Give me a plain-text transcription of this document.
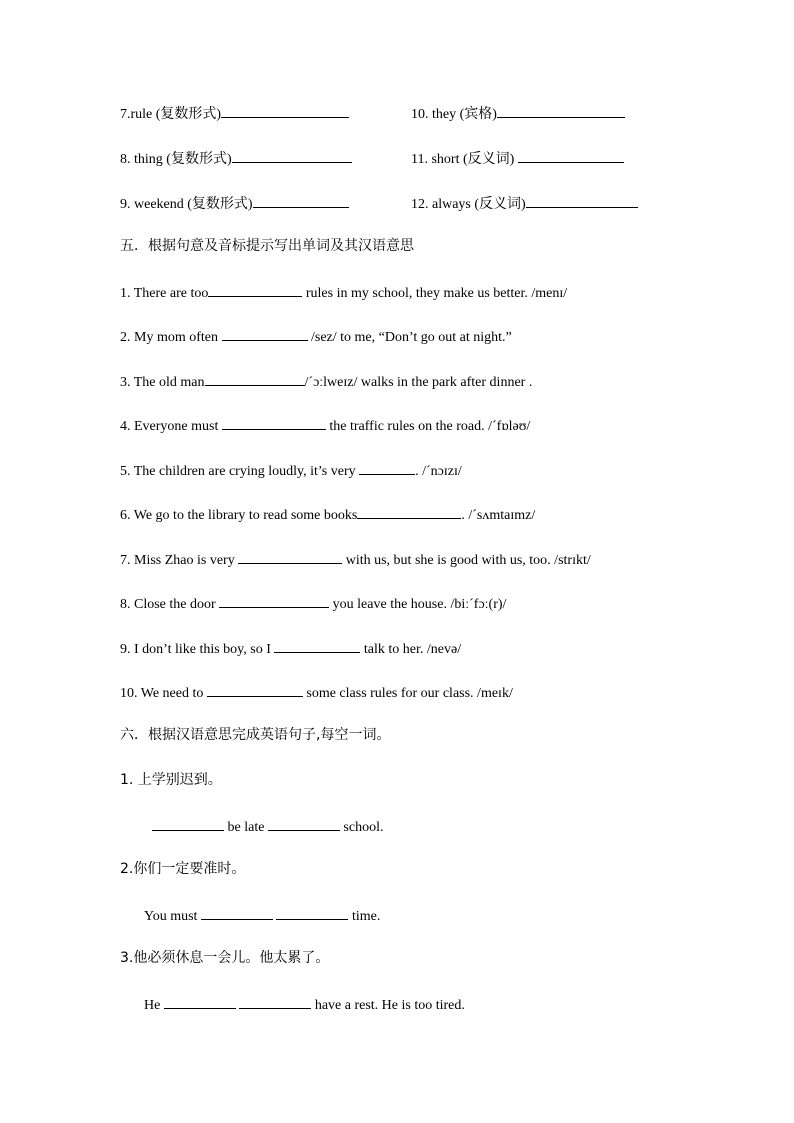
7.rule (复数形式)	10. they (宾格)
8. thing (复数形式)	11. short (反义词)
9. weekend (复数形式)	12. always (反义词)
五．根据句意及音标提示写出单词及其汉语意思
1. There are too	rules in my school, they make us better. /menɪ/
2. My mom often	/sez/ to me, “Don’t go out at night.”
3. The old man	/ˊɔːlweɪz/ walks in the park after dinner .
4. Everyone must	the traffic rules on the road. /ˊfɒləʊ/
5. The children are crying loudly, it’s very	. /ˊnɔɪzɪ/
6. We go to the library to read some books	. /ˊsʌmtaɪmz/
7. Miss Zhao is very	with us, but she is good with us, too. /strɪkt/
8. Close the door	you leave the house. /biːˊfɔː(r)/
9. I don’t like this boy, so I	talk to her. /nevə/
10. We need to	some class rules for our class. /meɪk/
六．根据汉语意思完成英语句子,每空一词。
1. 上学别迟到。
be late	school.
2.你们一定要准时。
You must	time.
3.他必须休息一会儿。他太累了。
He	have a rest. He is too tired.
